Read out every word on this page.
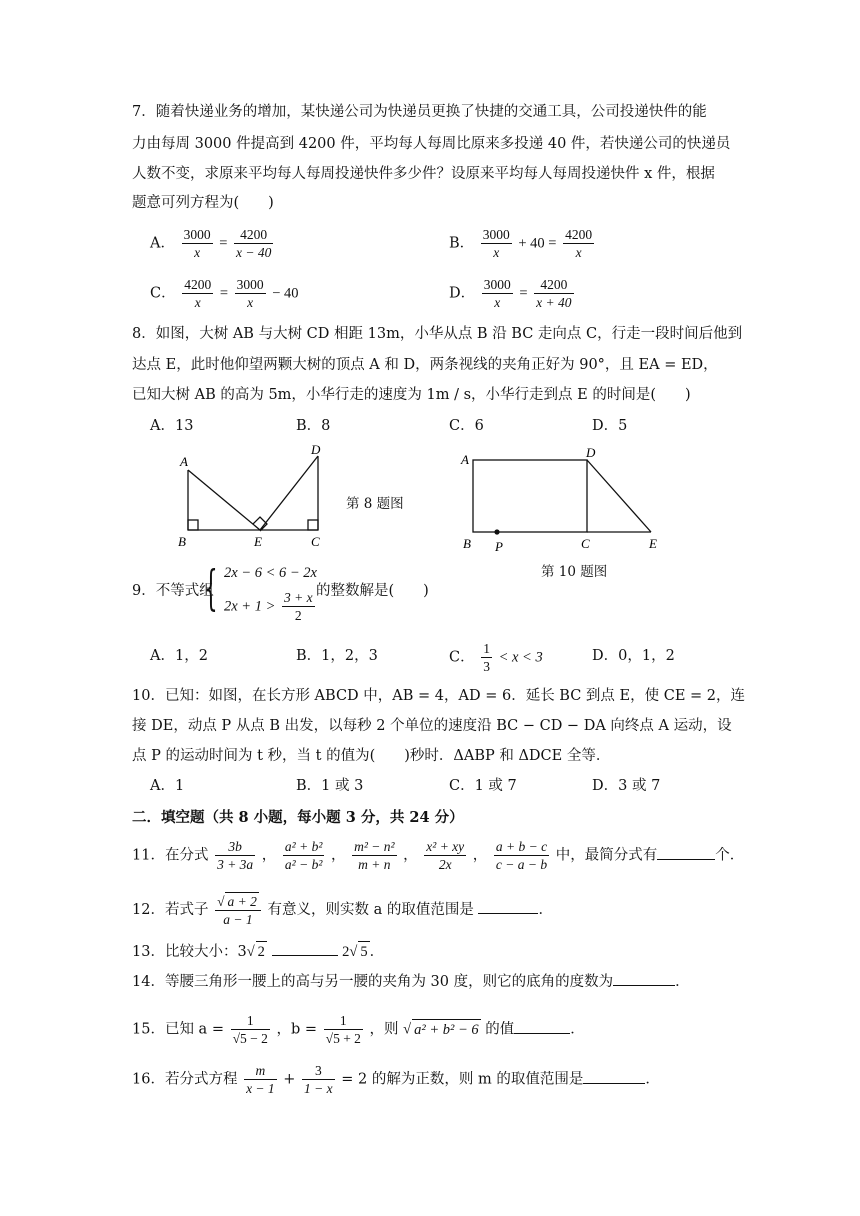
7．随着快递业务的增加，某快递公司为快递员更换了快捷的交通工具，公司投递快件的能
力由每周 3000 件提高到 4200 件，平均每人每周比原来多投递 40 件，若快递公司的快递员
人数不变，求原来平均每人每周投递快件多少件？设原来平均每人每周投递快件 x 件，根据
题意可列方程为(　　)
A． $\frac{3000}{x} = \frac{4200}{x - 40}$	B． $\frac{3000}{x} + 40 = \frac{4200}{x}$
C． $\frac{4200}{x} = \frac{3000}{x} - 40$	D． $\frac{3000}{x} = \frac{4200}{x + 40}$
8．如图，大树 AB 与大树 CD 相距 13m，小华从点 B 沿 BC 走向点 C，行走一段时间后他到
达点 E，此时他仰望两颗大树的顶点 A 和 D，两条视线的夹角正好为 90°，且 EA = ED，
已知大树 AB 的高为 5m，小华行走的速度为 1m / s，小华行走到点 E 的时间是(　　)
A．13	B．8	C．6	D．5
A
D
B	E	C
第 8 题图
A	D
B P	C	E
第 10 题图
9．不等式组
{ 2x − 6 < 6 − 2x
$2x + 1 > \frac{3 + x}{2}$ 的整数解是(　　)
A．1，2	B．1，2，3	C． $\frac{1}{3} < x < 3$	D．0，1，2
10．已知：如图，在长方形 ABCD 中，AB = 4，AD = 6．延长 BC 到点 E，使 CE = 2，连
接 DE，动点 P 从点 B 出发，以每秒 2 个单位的速度沿 BC − CD − DA 向终点 A 运动，设
点 P 的运动时间为 t 秒，当 t 的值为(　　)秒时．ΔABP 和 ΔDCE 全等．
A．1	B．1 或 3	C．1 或 7	D．3 或 7
二．填空题（共 8 小题，每小题 3 分，共 24 分）
11．在分式 $\frac{3b}{3 + 3a}$ ， $\frac{\text{a² + b²}}{\text{a² − b²}}$ ， $\frac{\text{m² − n²}}{m + n}$ ， $\frac{\text{x² + xy}}{2x}$ ， $\frac{a + b - c}{c - a - b}$ 中，最简分式有	个．
12．若式子 $\frac{√ a + 2}{a - 1}$ 有意义，则实数 a 的取值范围是	．
13．比较大小：3√ 2	2√ 5 ．
14．等腰三角形一腰上的高与另一腰的夹角为 30 度，则它的底角的度数为	．
15．已知 $a = \frac{1}{√5 - 2}$ ，$b = \frac{1}{√5 + 2}$ ，则 √ a² + b² − 6 的值	．
16．若分式方程 $\frac{m}{x - 1} + \frac{3}{1 - x} = 2$ 的解为正数，则 m 的取值范围是	．
